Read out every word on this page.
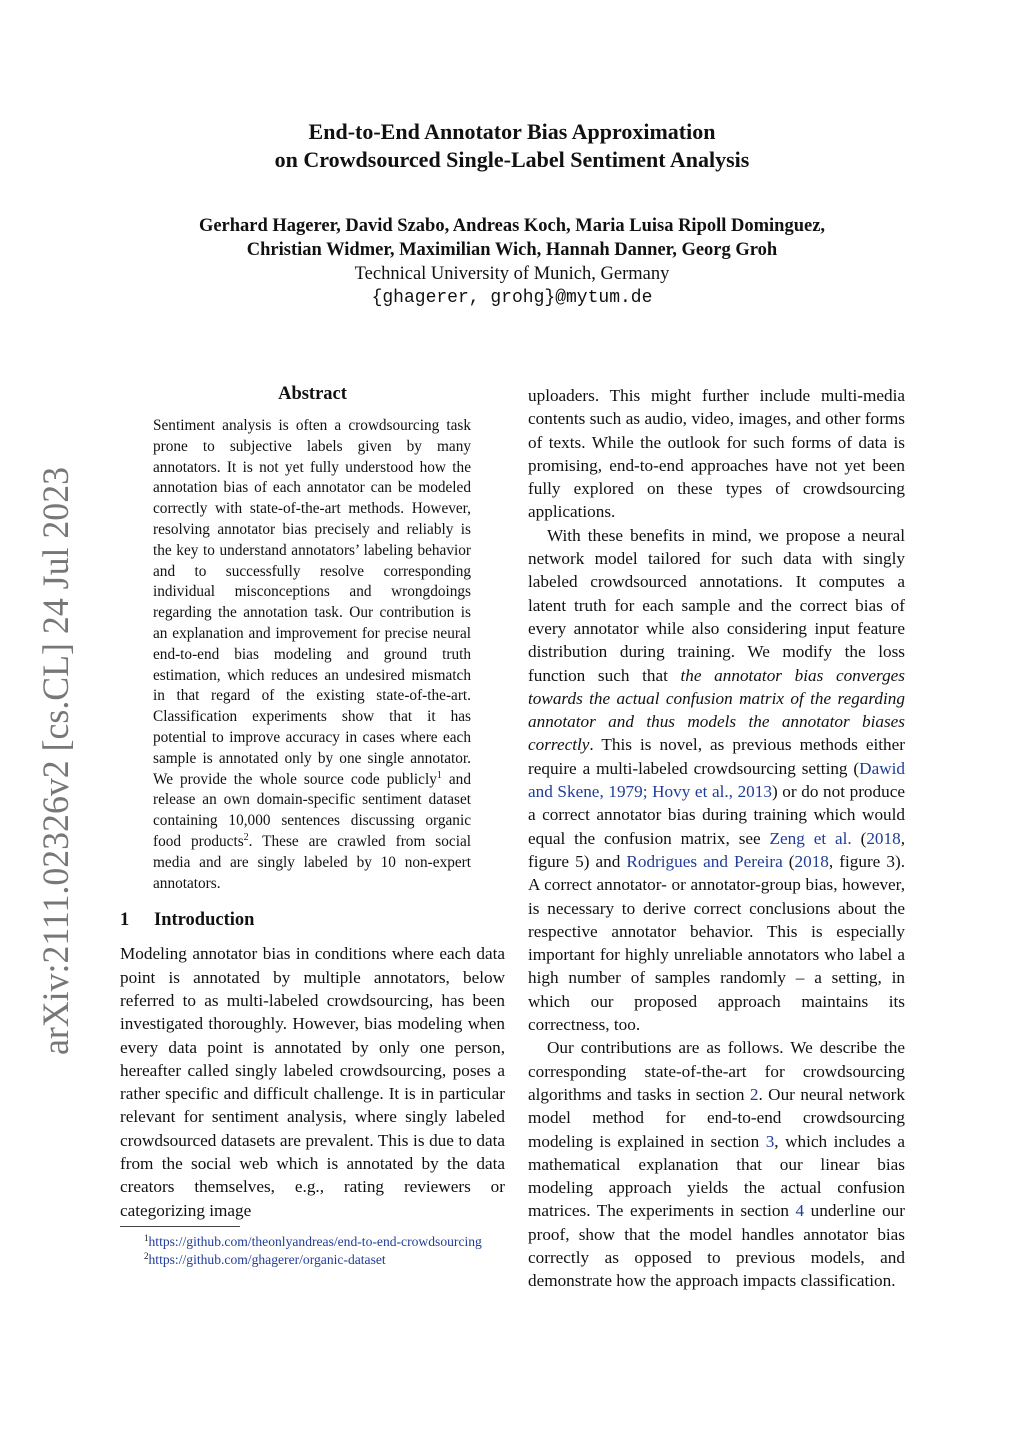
arXiv:2111.02326v2 [cs.CL] 24 Jul 2023
End-to-End Annotator Bias Approximation
on Crowdsourced Single-Label Sentiment Analysis
Gerhard Hagerer, David Szabo, Andreas Koch, Maria Luisa Ripoll Dominguez,
Christian Widmer, Maximilian Wich, Hannah Danner, Georg Groh
Technical University of Munich, Germany
{ghagerer, grohg}@mytum.de
Abstract

Sentiment analysis is often a crowdsourcing task prone to subjective labels given by many annotators. It is not yet fully understood how the annotation bias of each annotator can be modeled correctly with state-of-the-art methods. However, resolving annotator bias precisely and reliably is the key to understand annotators’ labeling behavior and to successfully resolve corresponding individual misconceptions and wrongdoings regarding the annotation task. Our contribution is an explanation and improvement for precise neural end-to-end bias modeling and ground truth estimation, which reduces an undesired mismatch in that regard of the existing state-of-the-art. Classification experiments show that it has potential to improve accuracy in cases where each sample is annotated only by one single annotator. We provide the whole source code publicly$^1$ and release an own domain-specific sentiment dataset containing 10,000 sentences discussing organic food products$^2$. These are crawled from social media and are singly labeled by 10 non-expert annotators.

1 Introduction

Modeling annotator bias in conditions where each data point is annotated by multiple annotators, below referred to as multi-labeled crowdsourcing, has been investigated thoroughly. However, bias modeling when every data point is annotated by only one person, hereafter called singly labeled crowdsourcing, poses a rather specific and difficult challenge. It is in particular relevant for sentiment analysis, where singly labeled crowdsourced datasets are prevalent. This is due to data from the social web which is annotated by the data creators themselves, e.g., rating reviewers or categorizing image

$^1$https://github.com/theonlyandreas/end-to-end-crowdsourcing

$^2$https://github.com/ghagerer/organic-dataset

uploaders. This might further include multi-media contents such as audio, video, images, and other forms of texts. While the outlook for such forms of data is promising, end-to-end approaches have not yet been fully explored on these types of crowdsourcing applications.

With these benefits in mind, we propose a neural network model tailored for such data with singly labeled crowdsourced annotations. It computes a latent truth for each sample and the correct bias of every annotator while also considering input feature distribution during training. We modify the loss function such that the annotator bias converges towards the actual confusion matrix of the regarding annotator and thus models the annotator biases correctly. This is novel, as previous methods either require a multi-labeled crowdsourcing setting (Dawid and Skene, 1979; Hovy et al., 2013) or do not produce a correct annotator bias during training which would equal the confusion matrix, see Zeng et al. (2018, figure 5) and Rodrigues and Pereira (2018, figure 3). A correct annotator- or annotator-group bias, however, is necessary to derive correct conclusions about the respective annotator behavior. This is especially important for highly unreliable annotators who label a high number of samples randomly – a setting, in which our proposed approach maintains its correctness, too.

Our contributions are as follows. We describe the corresponding state-of-the-art for crowdsourcing algorithms and tasks in section 2. Our neural network model method for end-to-end crowdsourcing modeling is explained in section 3, which includes a mathematical explanation that our linear bias modeling approach yields the actual confusion matrices. The experiments in section 4 underline our proof, show that the model handles annotator bias correctly as opposed to previous models, and demonstrate how the approach impacts classification.
